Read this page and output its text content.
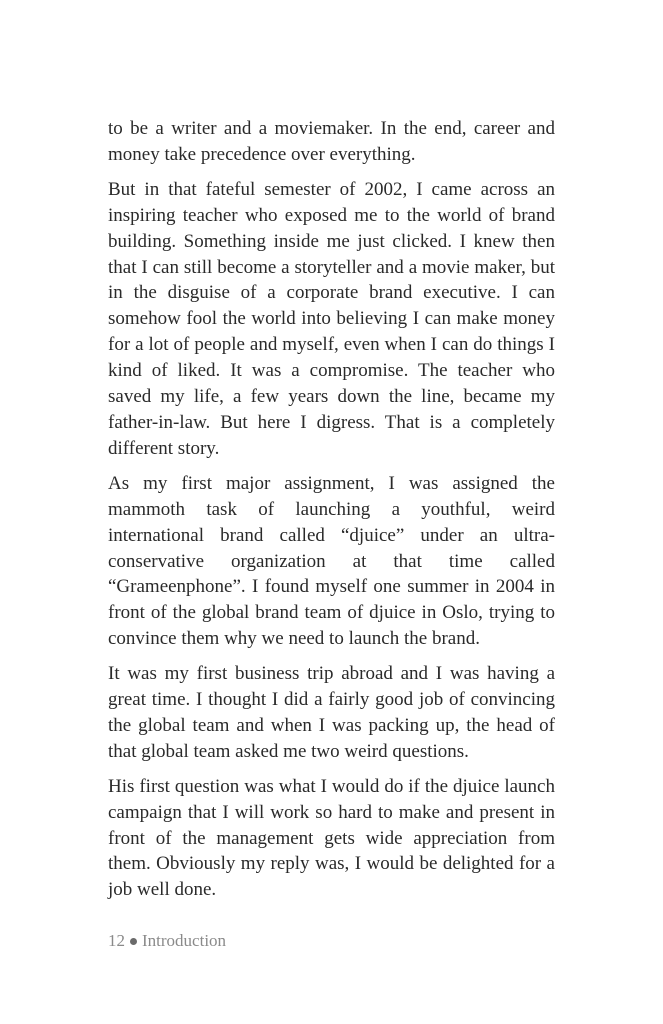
to be a writer and a moviemaker. In the end, career and money take precedence over everything.

But in that fateful semester of 2002, I came across an inspiring teacher who exposed me to the world of brand building. Something inside me just clicked. I knew then that I can still become a storyteller and a movie maker, but in the disguise of a corporate brand executive. I can somehow fool the world into believing I can make money for a lot of people and myself, even when I can do things I kind of liked. It was a compromise. The teacher who saved my life, a few years down the line, became my father-in-law. But here I digress. That is a completely different story.

As my first major assignment, I was assigned the mammoth task of launching a youthful, weird international brand called “djuice” under an ultra-conservative organization at that time called “Grameenphone”. I found myself one summer in 2004 in front of the global brand team of djuice in Oslo, trying to convince them why we need to launch the brand.

It was my first business trip abroad and I was having a great time. I thought I did a fairly good job of convincing the global team and when I was packing up, the head of that global team asked me two weird questions.

His first question was what I would do if the djuice launch campaign that I will work so hard to make and present in front of the management gets wide appreciation from them. Obviously my reply was, I would be delighted for a job well done.

12 Introduction
